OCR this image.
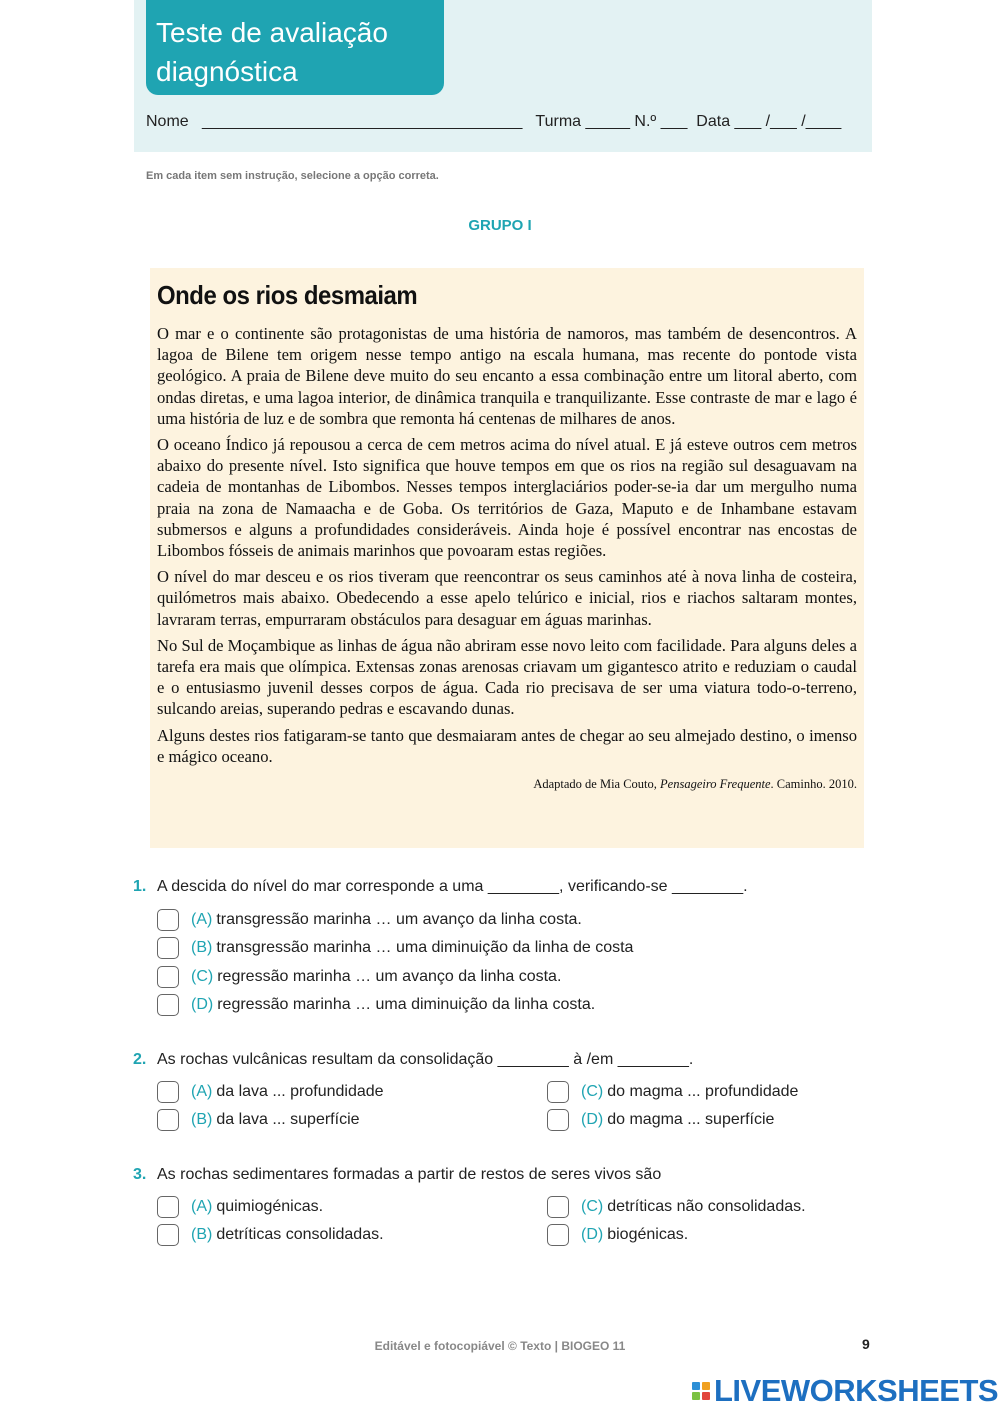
Teste de avaliação
diagnóstica
Nome   ____________________________________   Turma _____ N.º ___  Data ___ /___ /____
Em cada item sem instrução, selecione a opção correta.
GRUPO I
Onde os rios desmaiam

O mar e o continente são protagonistas de uma história de namoros, mas também de desencontros. A lagoa de Bilene tem origem nesse tempo antigo na escala humana, mas recente do pontode vista geológico. A praia de Bilene deve muito do seu encanto a essa combinação entre um litoral aberto, com ondas diretas, e uma lagoa interior, de dinâmica tranquila e tranquilizante. Esse contraste de mar e lago é uma história de luz e de sombra que remonta há centenas de milhares de anos.

O oceano Índico já repousou a cerca de cem metros acima do nível atual. E já esteve outros cem metros abaixo do presente nível. Isto significa que houve tempos em que os rios na região sul desaguavam na cadeia de montanhas de Libombos. Nesses tempos interglaciários poder-se-ia dar um mergulho numa praia na zona de Namaacha e de Goba. Os territórios de Gaza, Maputo e de Inhambane estavam submersos e alguns a profundidades consideráveis. Ainda hoje é possível encontrar nas encostas de Libombos fósseis de animais marinhos que povoaram estas regiões.

O nível do mar desceu e os rios tiveram que reencontrar os seus caminhos até à nova linha de costeira, quilómetros mais abaixo. Obedecendo a esse apelo telúrico e inicial, rios e riachos saltaram montes, lavraram terras, empurraram obstáculos para desaguar em águas marinhas.

No Sul de Moçambique as linhas de água não abriram esse novo leito com facilidade. Para alguns deles a tarefa era mais que olímpica. Extensas zonas arenosas criavam um gigantesco atrito e reduziam o caudal e o entusiasmo juvenil desses corpos de água. Cada rio precisava de ser uma viatura todo-o-terreno, sulcando areias, superando pedras e escavando dunas.

Alguns destes rios fatigaram-se tanto que desmaiaram antes de chegar ao seu almejado destino, o imenso e mágico oceano.

Adaptado de Mia Couto, Pensageiro Frequente. Caminho. 2010.
1. A descida do nível do mar corresponde a uma ________, verificando-se ________.
(A) transgressão marinha … um avanço da linha costa.
(B) transgressão marinha … uma diminuição da linha de costa
(C) regressão marinha … um avanço da linha costa.
(D) regressão marinha … uma diminuição da linha costa.
2. As rochas vulcânicas resultam da consolidação ________ à /em ________.
(A) da lava ... profundidade
(B) da lava ... superfície
(C) do magma ... profundidade
(D) do magma ... superfície
3. As rochas sedimentares formadas a partir de restos de seres vivos são
(A) quimiogénicas.
(B) detríticas consolidadas.
(C) detríticas não consolidadas.
(D) biogénicas.
Editável e fotocopiável © Texto | BIOGEO 11	9
LIVEWORKSHEETS
